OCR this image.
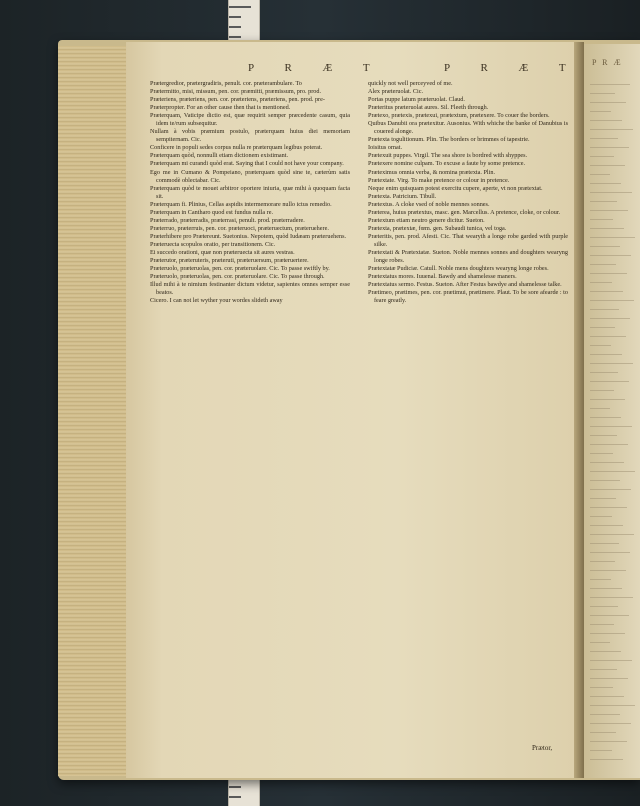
P R Æ
P R Æ T	P R Æ T

Prætergredior, prætergradiris, penult. cor. præterambulare. To

Prætermitto, misi, missum, pen. cor. præmitti, præmissum, pro. prod.

Præteriens, præteriens, pen. cor. præteriens, præteriens, pen. prod. pre-

Præterpropter. For an other cause then that is mentioned.

Præterquam, Vaticipe dictio est, quæ requirit semper præcedente casum, quia idem te/rum subsequitur.

Nullam à vobis præmium postulo, præterquam huius diei memoriam sempiternam. Cic.

Conficere in populi sedes corpus nulla re præterquam legibus poterat.

Præterquam quòd, nonnulli etiam dictionem existimant.

Præterquam mi curandi quòd erat. Saying that I could not have your company.

Ego me in Cumano & Pompeiano, præterquam quòd sine te, cæterùm satis commodè oblectabar. Cic.

Præterquam quòd te mouet arbitror oportere iniuria, quæ mihi à quoquam facta sit.

Præterquam fi. Plinius, Cellas aspidis intermemorare nullo ictus remedio.

Præterquam in Cantharo quod est fundus nulla re.

Præterrado, præterradis, præterrasi, penult. prod. præterradere.

Præterruo, præterruis, pen. cor. præteruoci, præteruectum, præteruehere.

Præterhibere pro Prætereunt. Suetonius. Nepotem, quòd Iudæam præteruehens.

Præteruecta scopulos oratio, per transitionem. Cic.

Ei succedo orationi, quæ non præteruecta sit aures vestras.

Præterutor, præteruteris, præteruti, præteruersum, præteruertere.

Præteruolo, præteruolas, pen. cor. præteruolare. Cic. To passe swiftly by.

Præteruolo, præteruolas, pen. cor. præteruolare. Cic. To passe through.

Illud mihi à te nimium festinanter dictum videtur, sapientes omnes semper esse beatos.

Cicero. I can not let wyther your wordes slideth away

quickly not well perceyved of me.

Alex præteruolat. Cic.

Portas puppe latum præteruolat. Claud.

Præteritus præteruolat aures. Sil. Fleeth through.

Prætexo, prætexis, prætexui, prætextum, prætexere. To couer the borders.

Quibus Danubii ora prætexitur. Ausonius. With whiche the banke of Danubius is couered alonge.

Prætexta togulitionum. Plin. The borders or brimmes of tapestrie.

Ioisitus ornat.

Prætexuit puppes. Virgil. The sea shore is bordred with shyppes.

Prætexere nomine culpam. To excuse a faute by some pretence.

Præteximus omnia verba, & nomina prætexta. Plin.

Prætextate. Virg. To make pretence or colour in pretence.

Neque enim quisquam potest exercitu cupere, aperte, vt non prætextat.

Prætexta. Patricium. Tibull.

Prætextus. A cloke vsed of noble mennes sonnes.

Præterea, huius prætextus, masc. gen. Marcellus. A pretence, cloke, or colour.

Prætextum etiam neutro genere dicitur. Sueton.

Prætexta, prætextæ, fœm. gen. Subaudi tunica, vel toga.

Præteritis, pen. prod. Afesti. Cic. That wearyth a longe robe garded with purple silke.

Prætextati & Prætextatæ. Sueton. Noble mennes sonnes and doughters wearyng longe robes.

Prætextatæ Pudiciæ. Catull. Noble mens doughters wearyng longe robes.

Prætextatus mores. Iuuenal. Bawdy and shamelesse maners.

Prætextatus sermo. Festus. Sueton. After Festus bawdye and shamelesse talke.

Prætimeo, prætimes, pen. cor. prætimui, prætimere. Plaut. To be sore afearde : to feare greatly.

Prætor,
